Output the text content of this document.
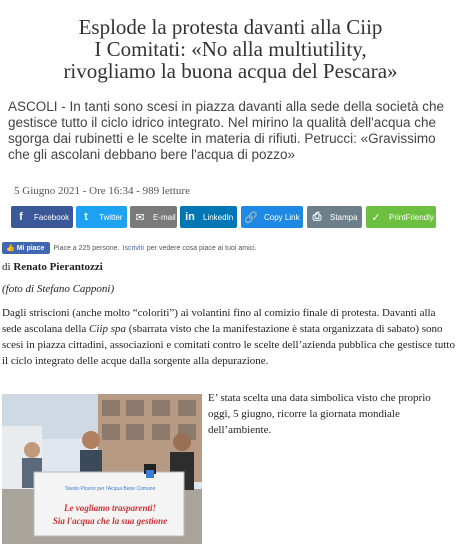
Esplode la protesta davanti alla Ciip
I Comitati: «No alla multiutility,
rivogliamo la buona acqua del Pescara»
ASCOLI - In tanti sono scesi in piazza davanti alla sede della società che gestisce tutto il ciclo idrico integrato. Nel mirino la qualità dell'acqua che sgorga dai rubinetti e le scelte in materia di rifiuti. Petrucci: «Gravissimo che gli ascolani debbano bere l'acqua di pozzo»
5 Giugno 2021 - Ore 16:34 - 989 letture
f	Facebook	t	Twitter	✉	E-mail in	LinkedIn 🔗 Copy Link	⎙	Stampa	✓	PrintFriendly
👍 Mi piace Piace a 225 persone. Iscriviti per vedere cosa piace ai tuoi amici.
di Renato Pierantozzi
(foto di Stefano Capponi)
Dagli striscioni (anche molto “coloriti”) ai volantini fino al comizio finale di protesta. Davanti alla sede ascolana della Ciip spa (sbarrata visto che la manifestazione è stata organizzata di sabato) sono scesi in piazza cittadini, associazioni e comitati contro le scelte dell’azienda pubblica che gestisce tutto il ciclo integrato delle acque dalla sorgente alla depurazione.
E’ stata scelta una data simbolica visto che proprio oggi, 5 giugno, ricorre la giornata mondiale dell’ambiente.
Tavolo Piceno per l'Acqua Bene Comune
Le vogliamo trasparenti!
Sia l'acqua che la sua gestione
